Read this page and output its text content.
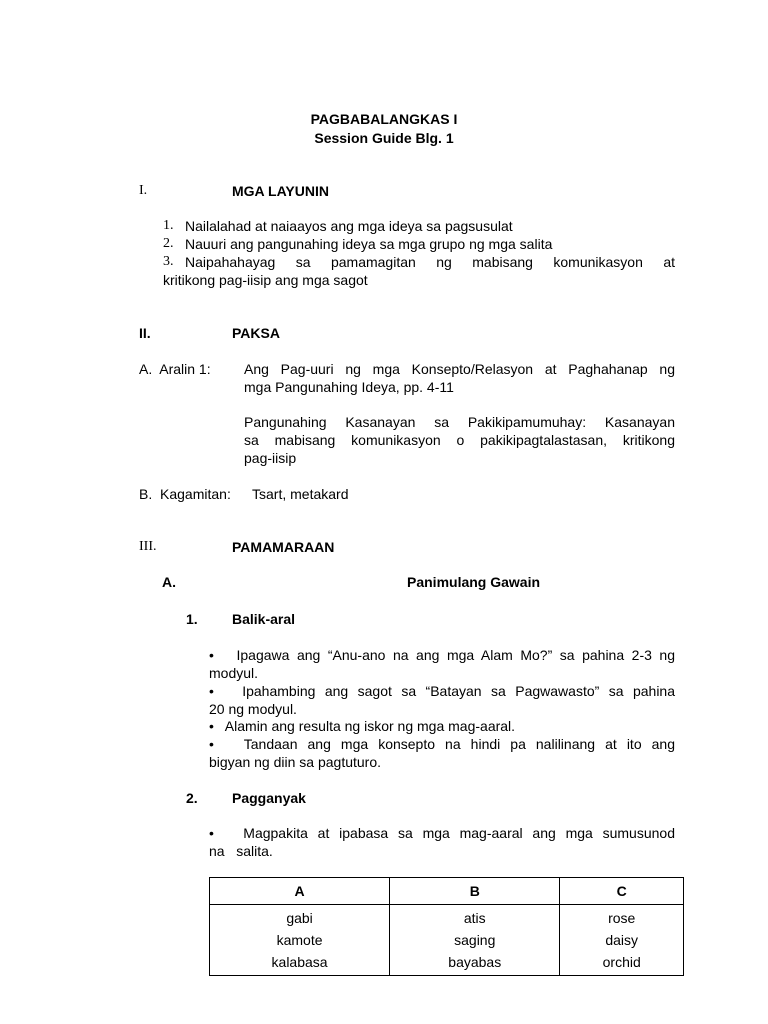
PAGBABALANGKAS I
Session Guide Blg. 1
I.	MGA LAYUNIN
1. Nailalahad at naiaayos ang mga ideya sa pagsusulat
2. Nauuri ang pangunahing ideya sa mga grupo ng mga salita
3. Naipahahayag sa pamamagitan ng mabisang komunikasyon at
kritikong pag-iisip ang mga sagot
II.	PAKSA
A.  Aralin 1: Ang Pag-uuri ng mga Konsepto/Relasyon at Paghahanap ng
mga Pangunahing Ideya, pp. 4-11
Pangunahing Kasanayan sa Pakikipamumuhay: Kasanayan
sa mabisang komunikasyon o pakikipagtalastasan, kritikong
pag-iisip
B.  Kagamitan: Tsart, metakard
III.	PAMAMARAAN
A.	Panimulang Gawain
1. Balik-aral
•   Ipagawa ang “Anu-ano na ang mga Alam Mo?” sa pahina 2-3 ng
modyul.
•   Ipahambing ang sagot sa “Batayan sa Pagwawasto” sa pahina
20 ng modyul.
•   Alamin ang resulta ng iskor ng mga mag-aaral.
•   Tandaan ang mga konsepto na hindi pa nalilinang at ito ang
bigyan ng diin sa pagtuturo.
2. Pagganyak
•   Magpakita at ipabasa sa mga mag-aaral ang mga sumusunod
na   salita.
A	B	C

gabi
kamote
kalabasa	atis
saging
bayabas	rose
daisy
orchid
